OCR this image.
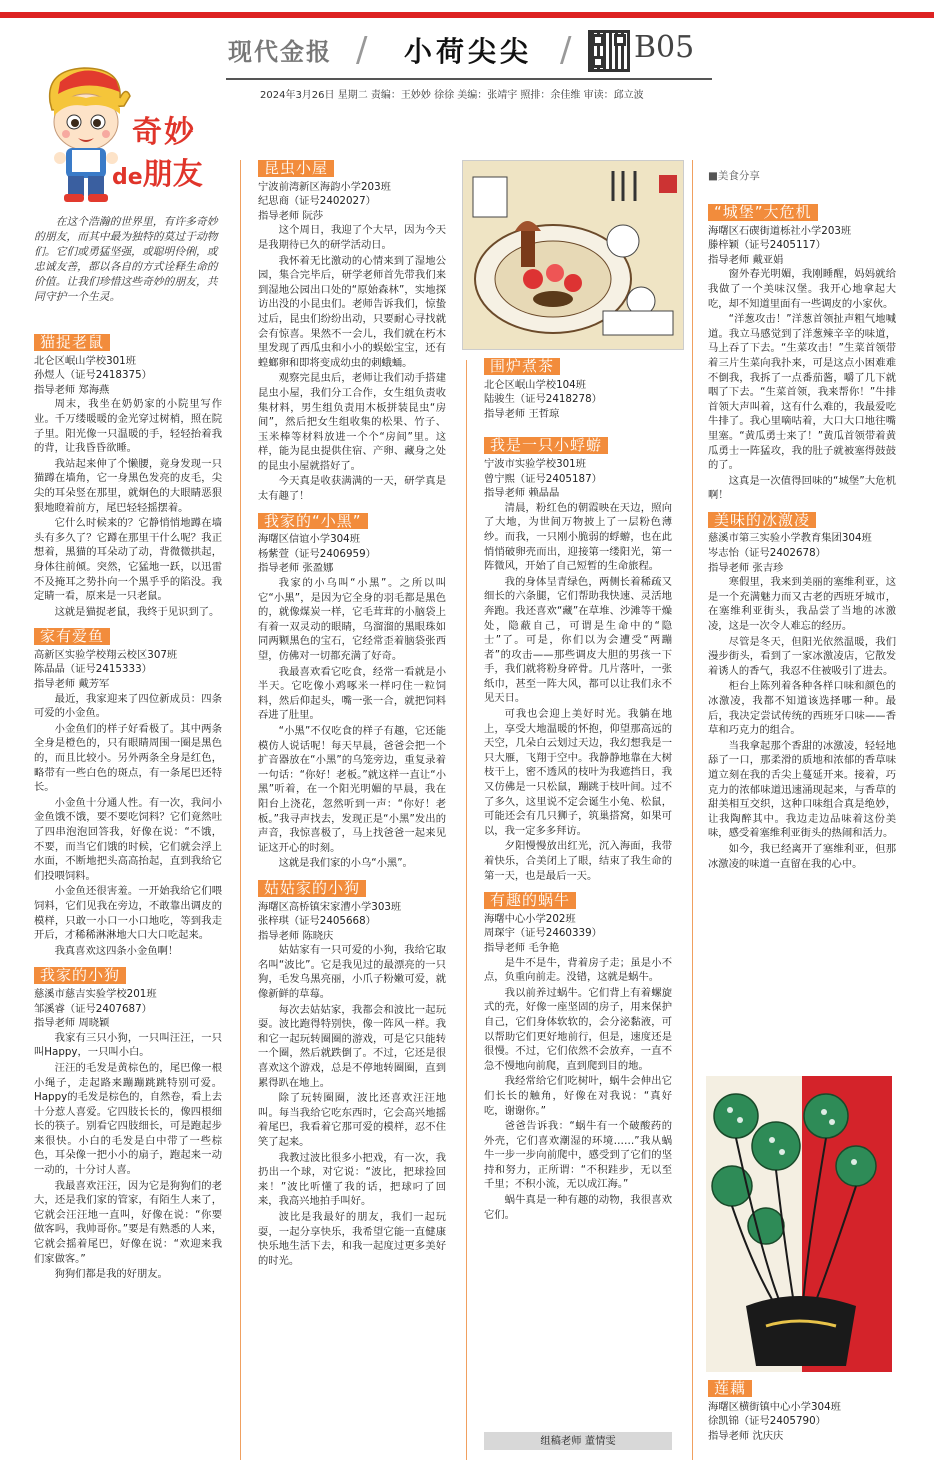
现代金报 / 小荷尖尖 / B05
2024年3月26日 星期二 责编：王妙妙 徐徐 美编：张靖宇 照排：余佳维 审读：邱立波
奇妙
de朋友
在这个浩瀚的世界里，有许多奇妙的朋友，而其中最为独特的莫过于动物们。它们或勇猛坚强，或聪明伶俐，或忠诚友善，都以各自的方式诠释生命的价值。让我们珍惜这些奇妙的朋友，共同守护一个生灵。
猫捉老鼠
北仑区岷山学校301班
孙煜人（证号2418375）
指导老师 郑海燕

周末，我坐在奶奶家的小院里写作业。千万缕暖暖的金光穿过树梢，照在院子里。阳光像一只温暖的手，轻轻抬着我的背，让我昏昏欲睡。

我站起来伸了个懒腰，竟身发现一只猫蹲在墙角，它一身黑色发亮的皮毛，尖尖的耳朵竖在那里，就炯色的大眼睛恶狠狠地瞪着前方，尾巴轻轻摇摆着。

它什么时候来的？它静悄悄地蹲在墙头有多久了？它蹲在那里干什么呢？我正想着，黑猫的耳朵动了动，背微微拱起，身体往前倾。突然，它猛地一跃，以迅雷不及掩耳之势扑向一个黑乎乎的陷没。我定睛一看，原来是一只老鼠。

这就是猫捉老鼠，我终于见识到了。

家有爱鱼
高新区实验学校翔云校区307班
陈晶晶（证号2415333）
指导老师 戴芳军

最近，我家迎来了四位新成员：四条可爱的小金鱼。

小金鱼们的样子好看极了。其中两条全身是橙色的，只有眼睛周围一圈是黑色的，而且比较小。另外两条全身是红色，略带有一些白色的斑点，有一条尾巴还特长。

小金鱼十分通人性。有一次，我问小金鱼饿不饿，要不要吃饲料？它们竟然吐了四串泡泡回答我，好像在说：“不饿，不要，而当它们饿的时候，它们就会浮上水面，不断地把头高高抬起，直到我给它们投喂饲料。

小金鱼还很害羞。一开始我给它们喂饲料，它们见我在旁边，不敢靠出调皮的模样，只敢一小口一小口地吃，等到我走开后，才稀稀淋淋地大口大口吃起来。

我真喜欢这四条小金鱼啊！

我家的小狗
慈溪市慈吉实验学校201班
邹溪睿（证号2407687）
指导老师 周晓颖

我家有三只小狗，一只叫汪汪，一只叫Happy，一只叫小白。

汪汪的毛发是黄棕色的，尾巴像一根小绳子，走起路来蹦蹦跳跳特别可爱。Happy的毛发是棕色的，自然卷，看上去十分惹人喜爱。它四肢长长的，像四根细长的筷子。别看它四肢细长，可是跑起步来很快。小白的毛发是白中带了一些棕色，耳朵像一把小小的扇子，跑起来一动一动的，十分讨人喜。

我最喜欢汪汪，因为它是狗狗们的老大，还是我们家的管家，有陌生人来了，它就会汪汪地一直叫，好像在说：“你要做客吗，我帅哥你。”要是有熟悉的人来，它就会摇着尾巴，好像在说：“欢迎来我们家做客。”

狗狗们都是我的好朋友。

昆虫小屋
宁波前湾新区海韵小学203班
纪思商（证号2402027）
指导老师 阮莎

这个周日，我迎了个大早，因为今天是我期待已久的研学活动日。

我怀着无比激动的心情来到了湿地公园，集合完毕后，研学老师首先带我们来到湿地公园出口处的“原始森林”，实地探访出没的小昆虫们。老师告诉我们，惊蛰过后，昆虫们纷纷出动，只要耐心寻找就会有惊喜。果然不一会儿，我们就在朽木里发现了西瓜虫和小小的蜈蚣宝宝，还有蝗螂卵和即将变成幼虫的刺蛾蛹。

观察完昆虫后，老师让我们动手搭建昆虫小屋，我们分工合作，女生组负责收集材料，男生组负责用木板拼装昆虫“房间”，然后把女生组收集的松果、竹子、玉米棒等材料放进一个个“房间”里。这样，能为昆虫提供住宿、产卵、藏身之处的昆虫小屋就搭好了。

今天真是收获满满的一天，研学真是太有趣了！

我家的“小黑”
海曙区信谊小学304班
杨紫萱（证号2406959）
指导老师 张盈娜

我家的小乌叫“小黑”。之所以叫它“小黑”，是因为它全身的羽毛都是黑色的，就像煤炭一样，它毛茸茸的小脑袋上有着一双灵动的眼睛，乌溜溜的黑眼珠如同两颗黑色的宝石，它经常歪着脑袋张西望，仿佛对一切都充满了好奇。

我最喜欢看它吃食，经常一看就是小半天。它吃像小鸡啄米一样叼住一粒饲料，然后仰起头，嘴一张一合，就把饲料吞进了肚里。

“小黑”不仅吃食的样子有趣，它还能模仿人说话呢！每天早晨，爸爸会把一个扩音器放在“小黑”的乌笼旁边，重复录着一句话：“你好！老板。”就这样一直让“小黑”听着，在一个阳光明媚的早晨，我在阳台上浇花，忽然听到一声：“你好！老板。”我寻声找去，发现正是“小黑”发出的声音，我惊喜极了，马上找爸爸一起来见证这开心的时刻。

这就是我们家的小乌“小黑”。

姑姑家的小狗
海曙区高桥镇宋家漕小学303班
张梓琪（证号2405668）
指导老师 陈晓庆

姑姑家有一只可爱的小狗，我给它取名叫“波比”。它是我见过的最漂亮的一只狗，毛发乌黑亮丽，小爪子粉嫩可爱，就像新鲜的草莓。

每次去姑姑家，我都会和波比一起玩耍。波比跑得特别快，像一阵风一样。我和它一起玩转圈圈的游戏，可是它只能转一个圈，然后就跌倒了。不过，它还是很喜欢这个游戏，总是不停地转圈圈，直到累得趴在地上。

除了玩转圈圈，波比还喜欢汪汪地叫。每当我给它吃东西时，它会高兴地摇着尾巴，我看着它那可爱的模样，忍不住笑了起来。

我教过波比很多小把戏，有一次，我扔出一个球，对它说：“波比，把球捡回来！”波比听懂了我的话，把球叼了回来，我高兴地拍手叫好。

波比是我最好的朋友，我们一起玩耍，一起分享快乐，我希望它能一直健康快乐地生活下去，和我一起度过更多美好的时光。

围炉煮茶
北仑区岷山学校104班
陆骏生（证号2418278）
指导老师 王哲琼
我是一只小蜉蝣
宁波市实验学校301班
曾宁熙（证号2405187）
指导老师 赖晶晶

清晨，粉红色的朝霞映在天边，照向了大地，为世间万物披上了一层粉色薄纱。而我，一只刚小脆弱的蜉蝣，也在此悄悄破卵壳而出，迎接第一缕阳光，第一阵微风，开始了自己短暂的生命旅程。

我的身体呈青绿色，两侧长着稀疏又细长的六条腿，它们帮助我快速、灵活地奔跑。我还喜欢“藏”在草堆、沙滩等干燥处，隐蔽自己，可谓是生命中的“隐士”了。可是，你们以为会遭受“两蹦者”的攻击——那些调皮大胆的男孩一下手，我们就将粉身碎骨。几片落叶，一张纸巾，甚至一阵大风，都可以让我们永不见天日。

可我也会迎上美好时光。我躺在地上，享受大地温暖的怀抱，仰望那高远的天空，几朵白云划过天边，我幻想我是一只大雁，飞翔于空中。我静静地靠在大树枝干上，密不透风的枝叶为我遮挡日，我又仿佛是一只松鼠，蹦跳于枝叶间。过不了多久，这里说不定会诞生小兔、松鼠，可能还会有几只狮子，筑巢搭窝，如果可以，我一定多多拜访。

夕阳慢慢放出红光，沉入海面，我带着快乐，合美闭上了眼，结束了我生命的第一天，也是最后一天。

有趣的蜗牛
海曙中心小学202班
周琛宇（证号2460339）
指导老师 毛争艳

是牛不是牛，背着房子走；虽是小不点，负重向前走。没错，这就是蜗牛。

我以前养过蜗牛。它们背上有着螺旋式的壳，好像一座坚固的房子，用来保护自己，它们身体软软的，会分泌黏液，可以帮助它们更好地前行，但是，速度还是很慢。不过，它们依然不会放弃，一直不急不慢地向前爬，直到爬到目的地。

我经常给它们吃树叶，蜗牛会伸出它们长长的触角，好像在对我说：“真好吃，谢谢你。”

爸爸告诉我：“蜗牛有一个破酸药的外壳，它们喜欢潮湿的环境……”我从蜗牛一步一步向前爬中，感受到了它们的坚持和努力，正所谓：“不积跬步，无以至千里；不积小流，无以成江海。”

蜗牛真是一种有趣的动物，我很喜欢它们。

组稿老师 董情雯
■美食分享
“城堡”大危机
海曙区石碶街道栎社小学203班
滕梓颖（证号2405117）
指导老师 戴亚娟

窗外春光明媚，我刚睡醒，妈妈就给我做了一个美味汉堡。我开心地拿起大吃，却不知道里面有一些调皮的小家伙。

“洋葱攻击！”洋葱首领扯声粗气地喊道。我立马感觉到了洋葱辣辛辛的味道，马上吞了下去。“生菜攻击！”生菜首领带着三片生菜向我扑来，可是这点小困难难不倒我，我拆了一点番茄酱，嚼了几下就咽了下去。“生菜首领，我来帮你！”牛排首领大声叫着，这有什么难的，我最爱吃牛排了。我心里嘀咕着，大口大口地往嘴里塞。“黄瓜勇士来了！”黄瓜首领带着黄瓜勇士一阵猛攻，我的肚子就被塞得鼓鼓的了。

这真是一次值得回味的“城堡”大危机啊！

美味的冰激凌
慈溪市第三实验小学教育集团304班
岑志怡（证号2402678）
指导老师 张吉珍

寒假里，我来到美丽的塞维利亚，这是一个充满魅力而又古老的西班牙城市，在塞维利亚街头，我品尝了当地的冰激凌，这是一次令人难忘的经历。

尽管是冬天，但阳光依然温暖，我们漫步街头，看到了一家冰激凌店，它散发着诱人的香气，我忍不住被吸引了进去。

柜台上陈列着各种各样口味和颜色的冰激凌，我都不知道该选择哪一种。最后，我决定尝试传统的西班牙口味——香草和巧克力的组合。

当我拿起那个香甜的冰激凌，轻轻地舔了一口，那柔滑的质地和浓郁的香草味道立刻在我的舌尖上蔓延开来。接着，巧克力的浓郁味道迅速涌现起来，与香草的甜美相互交织，这种口味组合真是绝妙，让我陶醉其中。我边走边品味着这份美味，感受着塞维利亚街头的热闹和活力。

如今，我已经离开了塞维利亚，但那冰激凌的味道一直留在我的心中。

莲藕
海曙区横街镇中心小学304班
徐凯锦（证号2405790）
指导老师 沈庆庆
